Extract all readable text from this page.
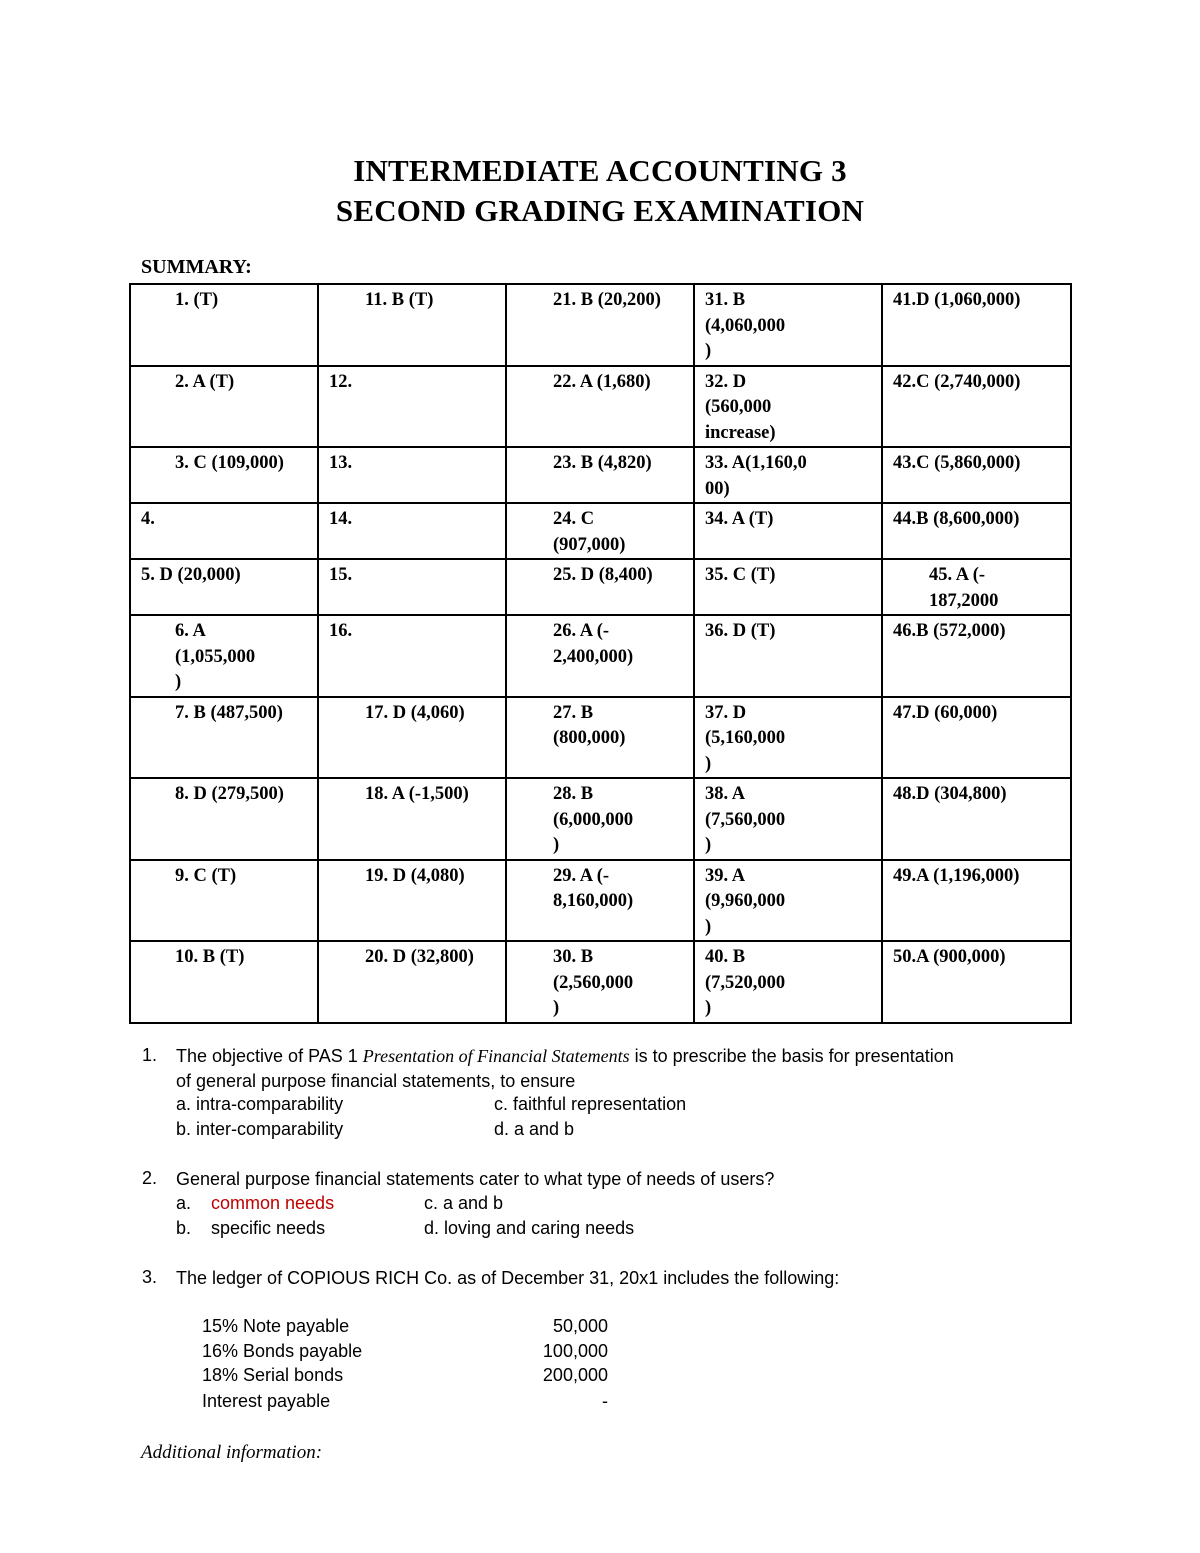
INTERMEDIATE ACCOUNTING 3
SECOND GRADING EXAMINATION
SUMMARY:
1. (T)	11. B (T)	21. B (20,200)	31. B
(4,060,000
)	41.D (1,060,000)

2. A (T)	12.	22. A (1,680)	32. D
(560,000
increase)	42.C (2,740,000)

3. C (109,000)	13.	23. B (4,820)	33. A(1,160,0
00)	43.C (5,860,000)

4.	14.	24. C
(907,000)	34. A (T)	44.B (8,600,000)

5. D (20,000)	15.	25. D (8,400)	35. C (T)	45. A (-
187,2000

6. A
(1,055,000
)	16.	26. A (-
2,400,000)	36. D (T)	46.B (572,000)

7. B (487,500)	17. D (4,060)	27. B
(800,000)	37. D
(5,160,000
)	47.D (60,000)

8. D (279,500)	18. A (-1,500)	28. B
(6,000,000
)	38. A
(7,560,000
)	48.D (304,800)

9. C (T)	19. D (4,080)	29. A (-
8,160,000)	39. A
(9,960,000
)	49.A (1,196,000)

10. B (T)	20. D (32,800)	30. B
(2,560,000
)	40. B
(7,520,000
)	50.A (900,000)
1. The objective of PAS 1 Presentation of Financial Statements is to prescribe the basis for presentation
of general purpose financial statements, to ensure
a. intra-comparability
b. inter-comparability
c. faithful representation
d. a and b
2. General purpose financial statements cater to what type of needs of users?
a. common needs
b. specific needs
c. a and b
d. loving and caring needs
3. The ledger of COPIOUS RICH Co. as of December 31, 20x1 includes the following:
15% Note payable	50,000
16% Bonds payable	100,000
18% Serial bonds	200,000
Interest payable	-
Additional information:
